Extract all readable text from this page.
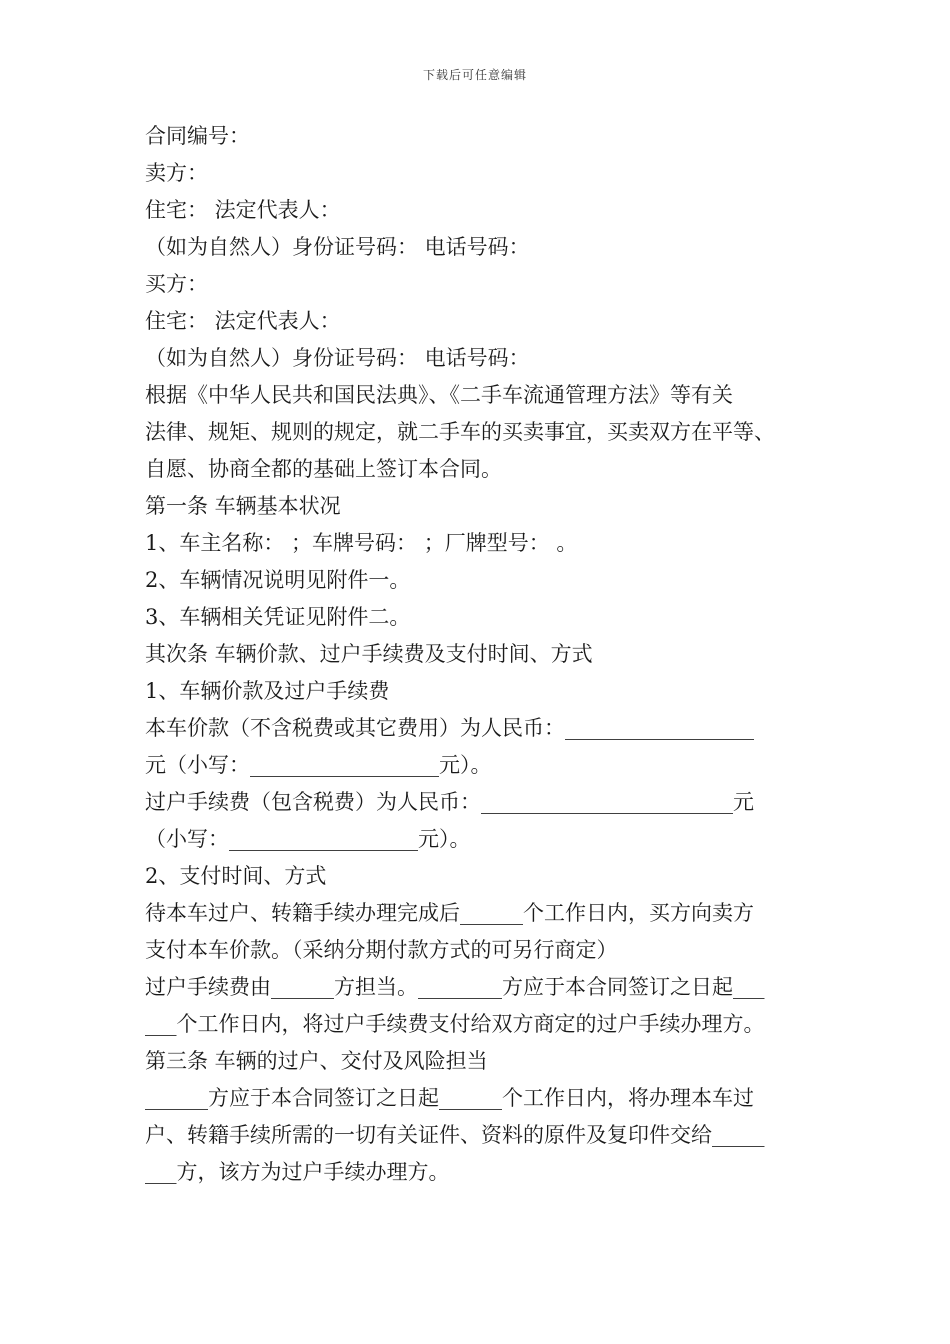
下载后可任意编辑
合同编号：
卖方：
住宅： 法定代表人：
（如为自然人）身份证号码： 电话号码：
买方：
住宅： 法定代表人：
（如为自然人）身份证号码： 电话号码：
根据《中华人民共和国民法典》、《二手车流通管理方法》等有关
法律、规矩、规则的规定，就二手车的买卖事宜，买卖双方在平等、
自愿、协商全都的基础上签订本合同。
第一条 车辆基本状况
1、车主名称： ；车牌号码： ；厂牌型号： 。
2、车辆情况说明见附件一。
3、车辆相关凭证见附件二。
其次条 车辆价款、过户手续费及支付时间、方式
1、车辆价款及过户手续费
本车价款（不含税费或其它费用）为人民币：__________________
元（小写：__________________元）。
过户手续费（包含税费）为人民币：________________________元
（小写：__________________元）。
2、支付时间、方式
待本车过户、转籍手续办理完成后______个工作日内，买方向卖方
支付本车价款。（采纳分期付款方式的可另行商定）
过户手续费由______方担当。________方应于本合同签订之日起___
___个工作日内，将过户手续费支付给双方商定的过户手续办理方。
第三条 车辆的过户、交付及风险担当
______方应于本合同签订之日起______个工作日内，将办理本车过
户、转籍手续所需的一切有关证件、资料的原件及复印件交给_____
___方，该方为过户手续办理方。
